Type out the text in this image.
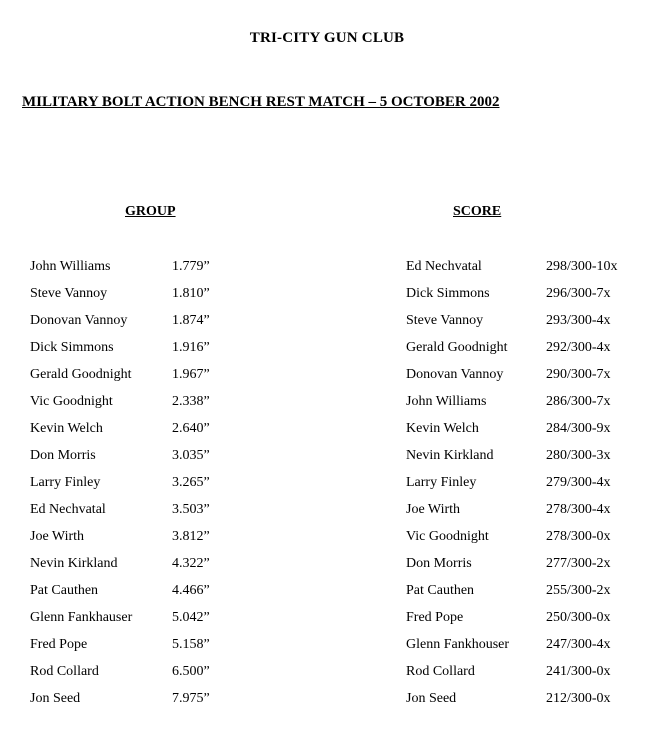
TRI-CITY GUN CLUB
MILITARY BOLT ACTION BENCH REST MATCH – 5 OCTOBER 2002
GROUP	SCORE
John Williams	1.779”
Steve Vannoy	1.810”
Donovan Vannoy	1.874”
Dick Simmons	1.916”
Gerald Goodnight	1.967”
Vic Goodnight	2.338”
Kevin Welch	2.640”
Don Morris	3.035”
Larry Finley	3.265”
Ed Nechvatal	3.503”
Joe Wirth	3.812”
Nevin Kirkland	4.322”
Pat Cauthen	4.466”
Glenn Fankhauser	5.042”
Fred Pope	5.158”
Rod Collard	6.500”
Jon Seed	7.975”
Ed Nechvatal	298/300-10x
Dick Simmons	296/300-7x
Steve Vannoy	293/300-4x
Gerald Goodnight	292/300-4x
Donovan Vannoy	290/300-7x
John Williams	286/300-7x
Kevin Welch	284/300-9x
Nevin Kirkland	280/300-3x
Larry Finley	279/300-4x
Joe Wirth	278/300-4x
Vic Goodnight	278/300-0x
Don Morris	277/300-2x
Pat Cauthen	255/300-2x
Fred Pope	250/300-0x
Glenn Fankhouser	247/300-4x
Rod Collard	241/300-0x
Jon Seed	212/300-0x
